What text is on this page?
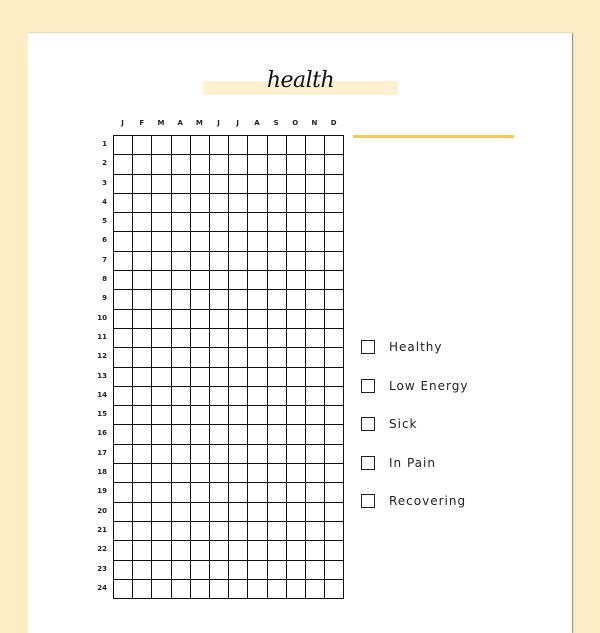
health
J	F	M	A	M	J	J	A	S	O	N	D
1
2
3
4
5
6
7
8
9
10
11
12
13
14
15
16
17
18
19
20
21
22
23
24
Healthy
Low Energy
Sick
In Pain
Recovering
